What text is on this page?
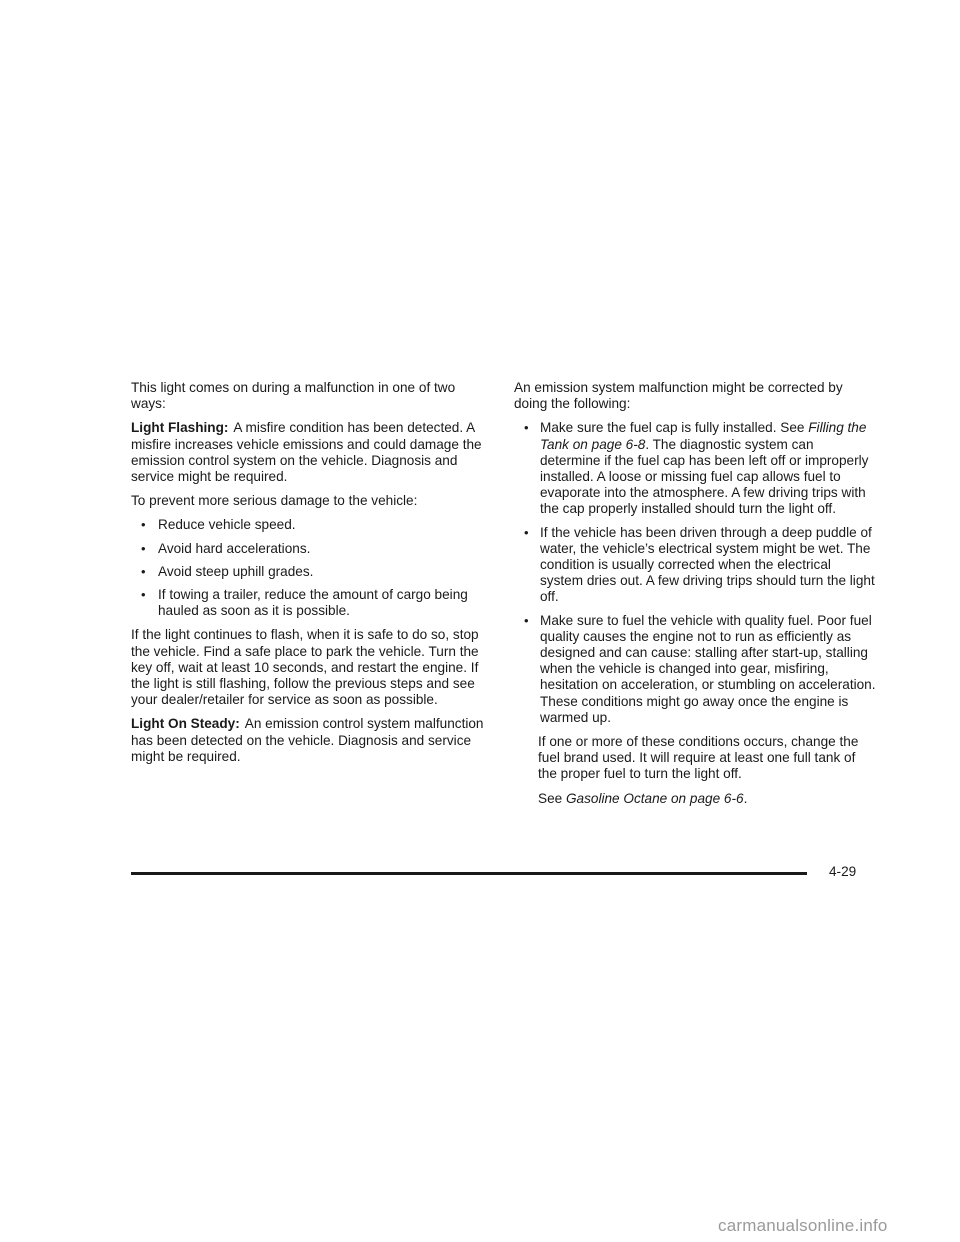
This light comes on during a malfunction in one of two ways:

Light Flashing: A misfire condition has been detected. A misfire increases vehicle emissions and could damage the emission control system on the vehicle. Diagnosis and service might be required.

To prevent more serious damage to the vehicle:

• Reduce vehicle speed.
• Avoid hard accelerations.
• Avoid steep uphill grades.
• If towing a trailer, reduce the amount of cargo being hauled as soon as it is possible.

If the light continues to flash, when it is safe to do so, stop the vehicle. Find a safe place to park the vehicle. Turn the key off, wait at least 10 seconds, and restart the engine. If the light is still flashing, follow the previous steps and see your dealer/retailer for service as soon as possible.

Light On Steady: An emission control system malfunction has been detected on the vehicle. Diagnosis and service might be required.

An emission system malfunction might be corrected by doing the following:

• Make sure the fuel cap is fully installed. See Filling the Tank on page 6-8. The diagnostic system can determine if the fuel cap has been left off or improperly installed. A loose or missing fuel cap allows fuel to evaporate into the atmosphere. A few driving trips with the cap properly installed should turn the light off.
• If the vehicle has been driven through a deep puddle of water, the vehicle’s electrical system might be wet. The condition is usually corrected when the electrical system dries out. A few driving trips should turn the light off.
• Make sure to fuel the vehicle with quality fuel. Poor fuel quality causes the engine not to run as efficiently as designed and can cause: stalling after start-up, stalling when the vehicle is changed into gear, misfiring, hesitation on acceleration, or stumbling on acceleration. These conditions might go away once the engine is warmed up.

If one or more of these conditions occurs, change the fuel brand used. It will require at least one full tank of the proper fuel to turn the light off.

See Gasoline Octane on page 6-6.

4-29
carmanualsonline.info
